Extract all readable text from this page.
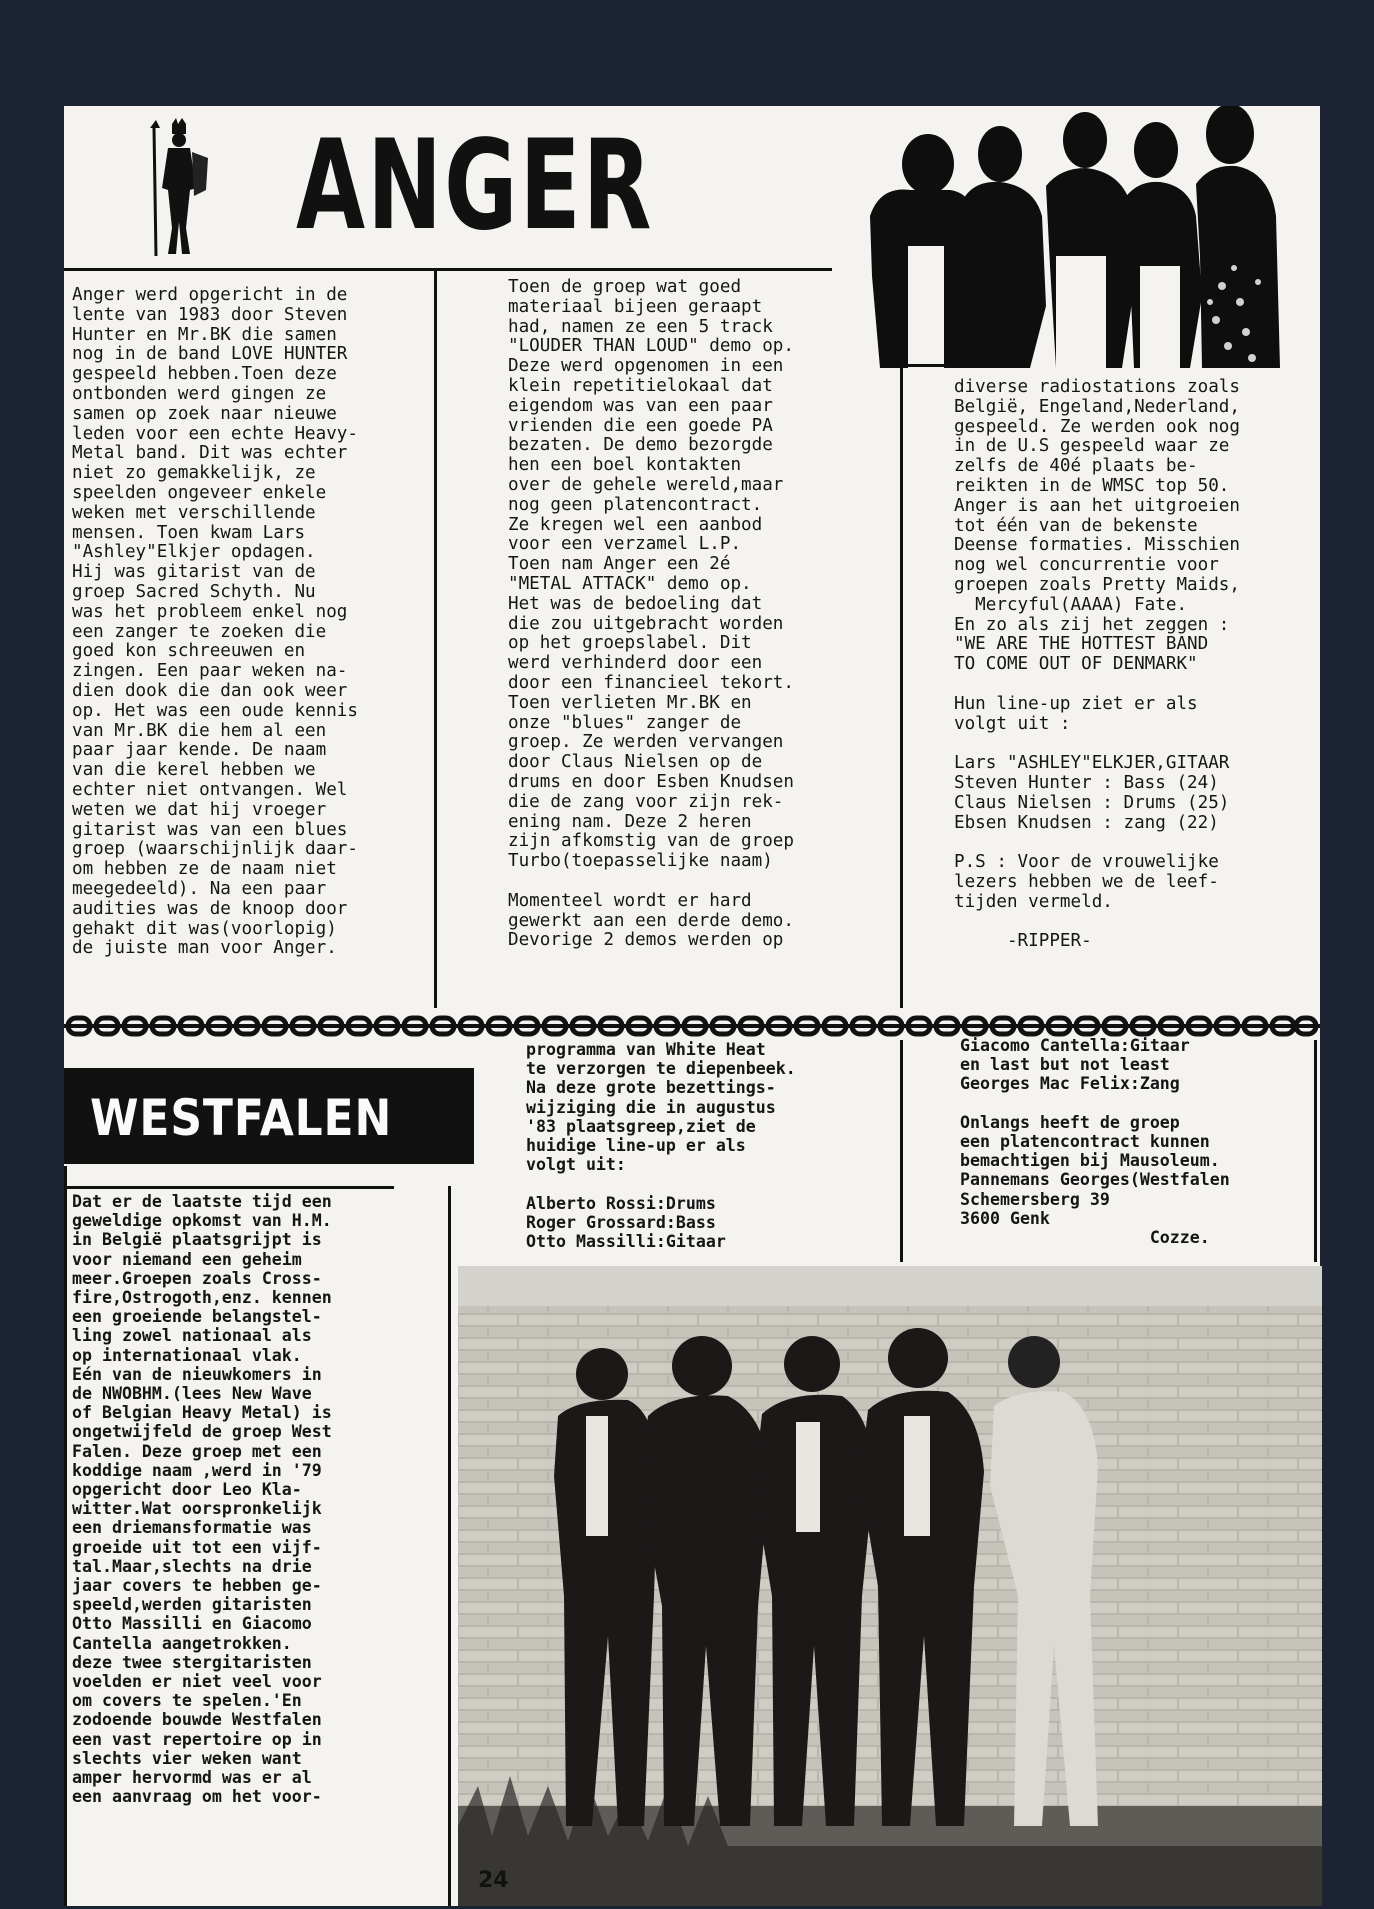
ANGER
Anger werd opgericht in de
lente van 1983 door Steven
Hunter en Mr.BK die samen
nog in de band LOVE HUNTER
gespeeld hebben.Toen deze
ontbonden werd gingen ze
samen op zoek naar nieuwe
leden voor een echte Heavy-
Metal band. Dit was echter
niet zo gemakkelijk, ze
speelden ongeveer enkele
weken met verschillende
mensen. Toen kwam Lars
"Ashley"Elkjer opdagen.
Hij was gitarist van de
groep Sacred Schyth. Nu
was het probleem enkel nog
een zanger te zoeken die
goed kon schreeuwen en
zingen. Een paar weken na-
dien dook die dan ook weer
op. Het was een oude kennis
van Mr.BK die hem al een
paar jaar kende. De naam
van die kerel hebben we
echter niet ontvangen. Wel
weten we dat hij vroeger
gitarist was van een blues
groep (waarschijnlijk daar-
om hebben ze de naam niet
meegedeeld). Na een paar
audities was de knoop door
gehakt dit was(voorlopig)
de juiste man voor Anger.
Toen de groep wat goed
materiaal bijeen geraapt
had, namen ze een 5 track
"LOUDER THAN LOUD" demo op.
Deze werd opgenomen in een
klein repetitielokaal dat
eigendom was van een paar
vrienden die een goede PA
bezaten. De demo bezorgde
hen een boel kontakten
over de gehele wereld,maar
nog geen platencontract.
Ze kregen wel een aanbod
voor een verzamel L.P.
Toen nam Anger een 2é
"METAL ATTACK" demo op.
Het was de bedoeling dat
die zou uitgebracht worden
op het groepslabel. Dit
werd verhinderd door een
door een financieel tekort.
Toen verlieten Mr.BK en
onze "blues" zanger de
groep. Ze werden vervangen
door Claus Nielsen op de
drums en door Esben Knudsen
die de zang voor zijn rek-
ening nam. Deze 2 heren
zijn afkomstig van de groep
Turbo(toepasselijke naam)

Momenteel wordt er hard
gewerkt aan een derde demo.
Devorige 2 demos werden op
diverse radiostations zoals
België, Engeland,Nederland,
gespeeld. Ze werden ook nog
in de U.S gespeeld waar ze
zelfs de 40é plaats be-
reikten in de WMSC top 50.
Anger is aan het uitgroeien
tot één van de bekenste
Deense formaties. Misschien
nog wel concurrentie voor
groepen zoals Pretty Maids,
Mercyful(AAAA) Fate.
En zo als zij het zeggen :
"WE ARE THE HOTTEST BAND
TO COME OUT OF DENMARK"

Hun line-up ziet er als
volgt uit :

Lars "ASHLEY"ELKJER,GITAAR
Steven Hunter : Bass (24)
Claus Nielsen : Drums (25)
Ebsen Knudsen : zang (22)

P.S : Voor de vrouwelijke
lezers hebben we de leef-
tijden vermeld.

-RIPPER-
WESTFALEN
Dat er de laatste tijd een
geweldige opkomst van H.M.
in België plaatsgrijpt is
voor niemand een geheim
meer.Groepen zoals Cross-
fire,Ostrogoth,enz. kennen
een groeiende belangstel-
ling zowel nationaal als
op internationaal vlak.
Eén van de nieuwkomers in
de NWOBHM.(lees New Wave
of Belgian Heavy Metal) is
ongetwijfeld de groep West
Falen. Deze groep met een
koddige naam ,werd in '79
opgericht door Leo Kla-
witter.Wat oorspronkelijk
een driemansformatie was
groeide uit tot een vijf-
tal.Maar,slechts na drie
jaar covers te hebben ge-
speeld,werden gitaristen
Otto Massilli en Giacomo
Cantella aangetrokken.
deze twee stergitaristen
voelden er niet veel voor
om covers te spelen.'En
zodoende bouwde Westfalen
een vast repertoire op in
slechts vier weken want
amper hervormd was er al
een aanvraag om het voor-
programma van White Heat
te verzorgen te diepenbeek.
Na deze grote bezettings-
wijziging die in augustus
'83 plaatsgreep,ziet de
huidige line-up er als
volgt uit:

Alberto Rossi:Drums
Roger Grossard:Bass
Otto Massilli:Gitaar
Giacomo Cantella:Gitaar
en last but not least
Georges Mac Felix:Zang

Onlangs heeft de groep
een platencontract kunnen
bemachtigen bij Mausoleum.
Pannemans Georges(Westfalen
Schemersberg 39
3600 Genk
Cozze.
24
